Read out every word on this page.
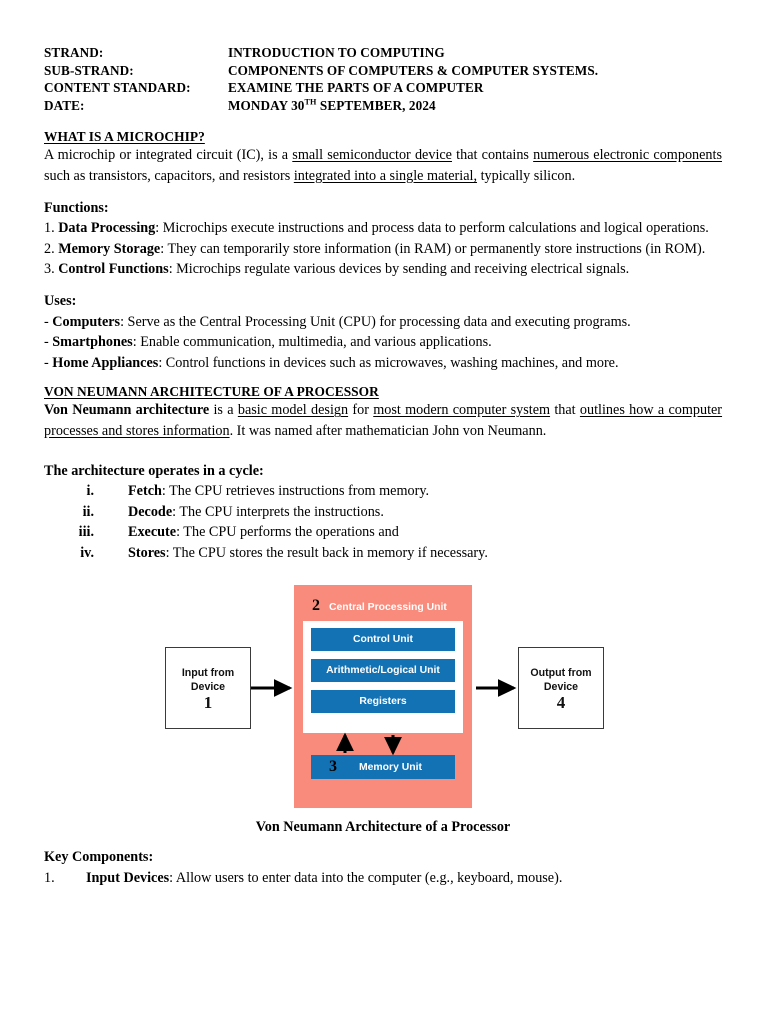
STRAND:	INTRODUCTION TO COMPUTING
SUB-STRAND:	COMPONENTS OF COMPUTERS & COMPUTER SYSTEMS.
CONTENT STANDARD:	EXAMINE THE PARTS OF A COMPUTER
DATE:	MONDAY 30TH SEPTEMBER, 2024
WHAT IS A MICROCHIP?

A microchip or integrated circuit (IC), is a small semiconductor device that contains numerous electronic components such as transistors, capacitors, and resistors integrated into a single material, typically silicon.

Functions:

1. Data Processing: Microchips execute instructions and process data to perform calculations and logical operations.

2. Memory Storage: They can temporarily store information (in RAM) or permanently store instructions (in ROM).

3. Control Functions: Microchips regulate various devices by sending and receiving electrical signals.

Uses:

- Computers: Serve as the Central Processing Unit (CPU) for processing data and executing programs.

- Smartphones: Enable communication, multimedia, and various applications.

- Home Appliances: Control functions in devices such as microwaves, washing machines, and more.

VON NEUMANN ARCHITECTURE OF A PROCESSOR

Von Neumann architecture is a basic model design for most modern computer system that outlines how a computer processes and stores information. It was named after mathematician John von Neumann.

The architecture operates in a cycle:
i. Fetch: The CPU retrieves instructions from memory.
ii. Decode: The CPU interprets the instructions.
iii. Execute: The CPU performs the operations and
iv. Stores: The CPU stores the result back in memory if necessary.
Input from
Device
1
2 Central Processing Unit
Control Unit
Arithmetic/Logical Unit
Registers
3 Memory Unit
Output from
Device
4
Von Neumann Architecture of a Processor
Key Components:
1.	Input Devices: Allow users to enter data into the computer (e.g., keyboard, mouse).
